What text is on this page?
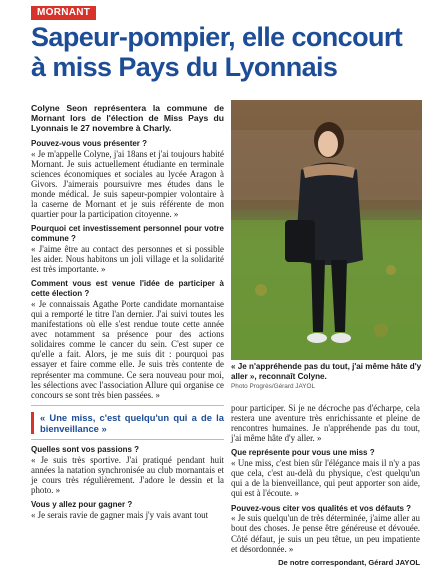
MORNANT
Sapeur-pompier, elle concourt
à miss Pays du Lyonnais

Colyne Seon représentera la commune de Mornant lors de l'élection de Miss Pays du Lyonnais le 27 novembre à Charly.

Pouvez-vous vous présenter ?

« Je m'appelle Colyne, j'ai 18ans et j'ai toujours habité Mornant. Je suis actuellement étudiante en terminale sciences économiques et sociales au lycée Aragon à Givors. J'aimerais poursuivre mes études dans le monde médical. Je suis sapeur-pompier volontaire à la caserne de Mornant et je suis référente de mon quartier pour la participation citoyenne. »

Pourquoi cet investissement personnel pour votre commune ?

« J'aime être au contact des personnes et si possible les aider. Nous habitons un joli village et la solidarité est très importante. »

Comment vous est venue l'idée de participer à cette élection ?

« Je connaissais Agathe Porte candidate mornantaise qui a remporté le titre l'an dernier. J'ai suivi toutes les manifestations où elle s'est rendue toute cette année avec notamment sa présence pour des actions solidaires comme le cancer du sein. C'est super ce qu'elle a fait. Alors, je me suis dit : pourquoi pas essayer et faire comme elle. Je suis très contente de représenter ma commune. Ce sera nouveau pour moi, les sélections avec l'association Allure qui organise ce concours se sont très bien passées. »

« Une miss, c'est quelqu'un qui a de la bienveillance »

Quelles sont vos passions ?

« Je suis très sportive. J'ai pratiqué pendant huit années la natation synchronisée au club mornantais et je cours très régulièrement. J'adore le dessin et la photo. »

Vous y allez pour gagner ?

« Je serais ravie de gagner mais j'y vais avant tout

« Je n'appréhende pas du tout, j'ai même hâte d'y aller », reconnaît Colyne.

Photo Progrès/Gérard JAYOL

pour participer. Si je ne décroche pas d'écharpe, cela restera une aventure très enrichissante et pleine de rencontres humaines. Je n'appréhende pas du tout, j'ai même hâte d'y aller. »

Que représente pour vous une miss ?

« Une miss, c'est bien sûr l'élégance mais il n'y a pas que cela, c'est au-delà du physique, c'est quelqu'un qui a de la bienveillance, qui peut apporter son aide, qui est à l'écoute. »

Pouvez-vous citer vos qualités et vos défauts ?

« Je suis quelqu'un de très déterminée, j'aime aller au bout des choses. Je pense être généreuse et dévouée. Côté défaut, je suis un peu têtue, un peu impatiente et désordonnée. »

De notre correspondant, Gérard JAYOL
